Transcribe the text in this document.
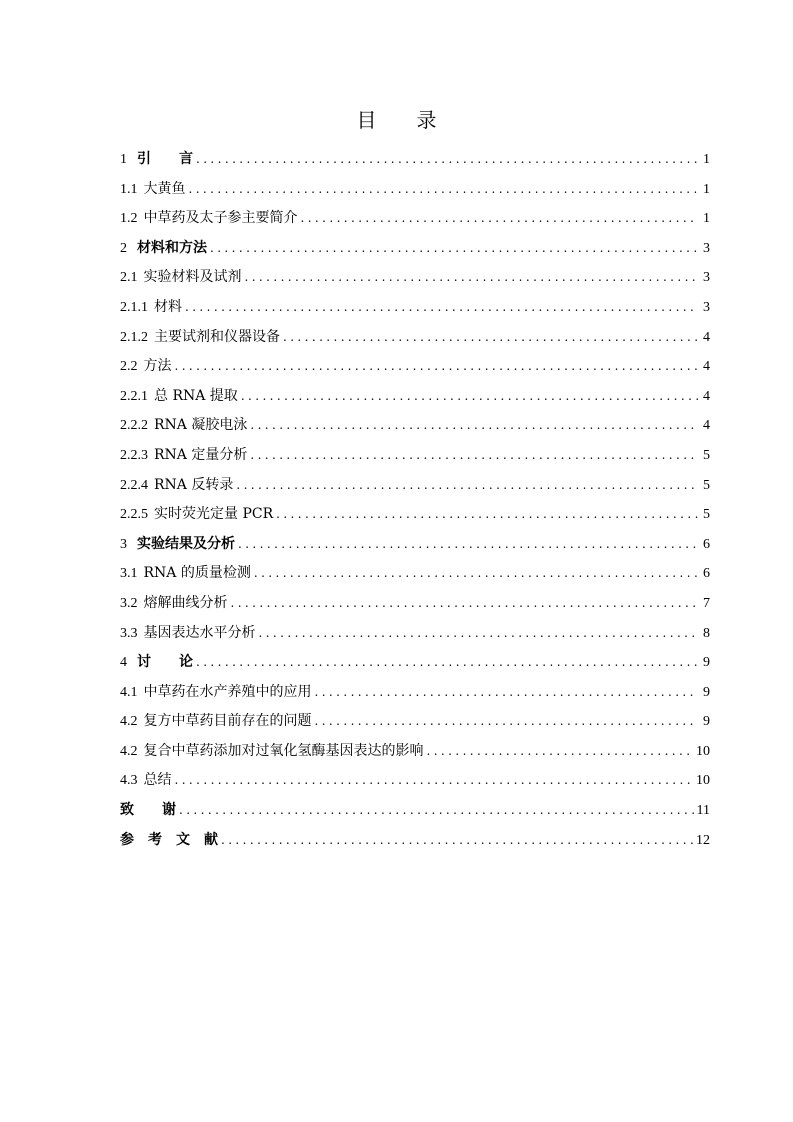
目 录
1 引　　言 .....	1
1.1 大黄鱼 .....	1
1.2 中草药及太子参主要简介 .....	1
2 材料和方法 .....	3
2.1 实验材料及试剂 .....	3
2.1.1 材料 .....	3
2.1.2 主要试剂和仪器设备 .....	4
2.2 方法 .....	4
2.2.1 总 RNA 提取 .....	4
2.2.2 RNA 凝胶电泳 .....	4
2.2.3 RNA 定量分析 .....	5
2.2.4 RNA 反转录 .....	5
2.2.5 实时荧光定量 PCR .....	5
3 实验结果及分析 .....	6
3.1 RNA 的质量检测 .....	6
3.2 熔解曲线分析 .....	7
3.3 基因表达水平分析 .....	8
4 讨　　论 .....	9
4.1 中草药在水产养殖中的应用 .....	9
4.2 复方中草药目前存在的问题 .....	9
4.2 复合中草药添加对过氧化氢酶基因表达的影响 .....	10
4.3 总结 .....	10
致　　谢 .....	11
参　考　文　献 .....	12
